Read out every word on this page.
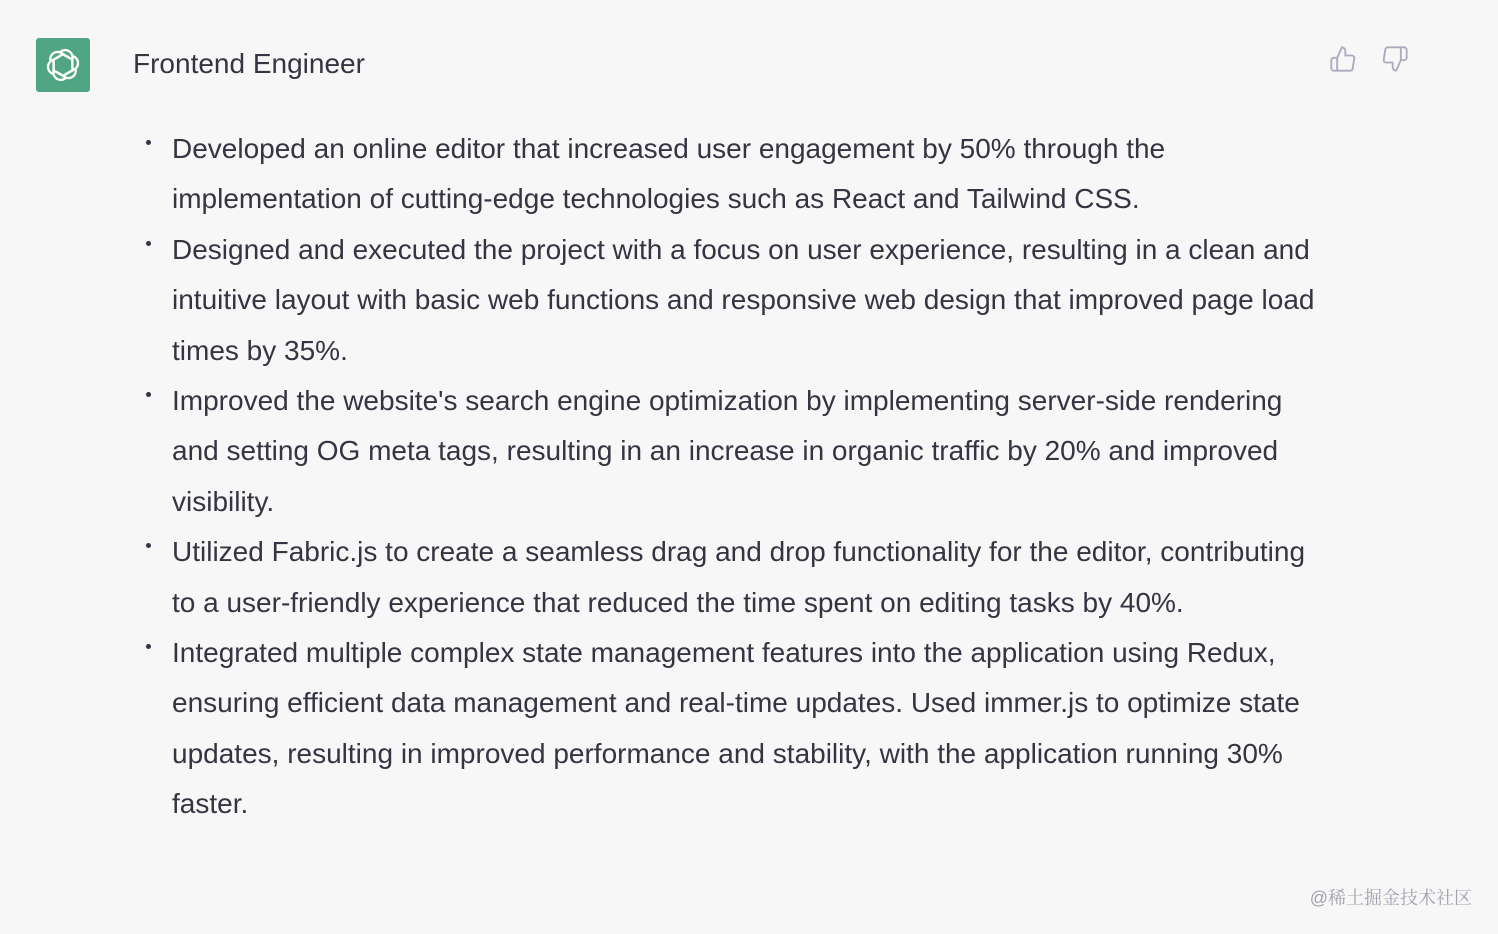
Frontend Engineer
Developed an online editor that increased user engagement by 50% through the implementation of cutting-edge technologies such as React and Tailwind CSS.
Designed and executed the project with a focus on user experience, resulting in a clean and intuitive layout with basic web functions and responsive web design that improved page load times by 35%.
Improved the website's search engine optimization by implementing server-side rendering and setting OG meta tags, resulting in an increase in organic traffic by 20% and improved visibility.
Utilized Fabric.js to create a seamless drag and drop functionality for the editor, contributing to a user-friendly experience that reduced the time spent on editing tasks by 40%.
Integrated multiple complex state management features into the application using Redux, ensuring efficient data management and real-time updates. Used immer.js to optimize state updates, resulting in improved performance and stability, with the application running 30% faster.
@稀土掘金技术社区
